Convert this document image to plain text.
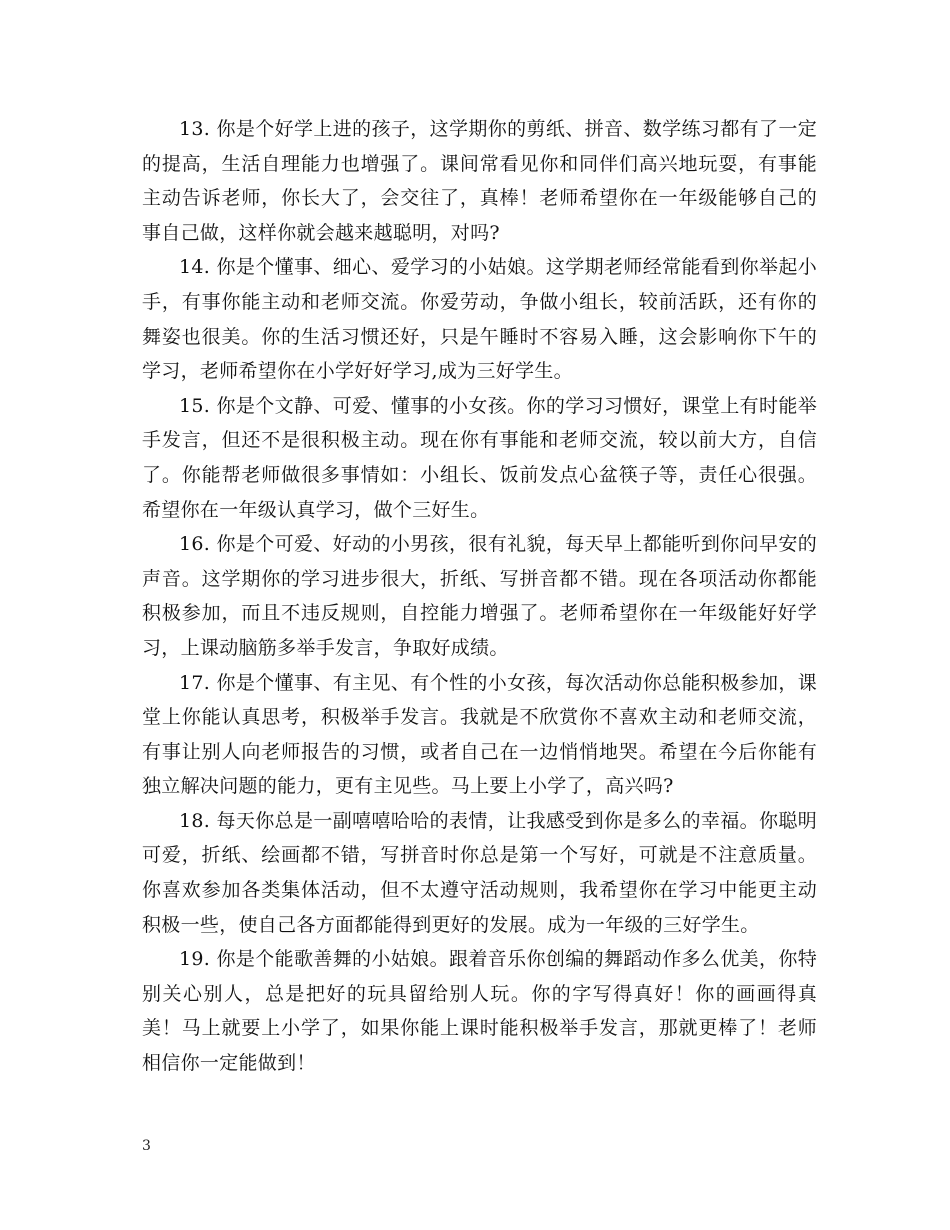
13. 你是个好学上进的孩子，这学期你的剪纸、拼音、数学练习都有了一定的提高，生活自理能力也增强了。课间常看见你和同伴们高兴地玩耍，有事能主动告诉老师，你长大了，会交往了，真棒！老师希望你在一年级能够自己的事自己做，这样你就会越来越聪明，对吗?

14. 你是个懂事、细心、爱学习的小姑娘。这学期老师经常能看到你举起小手，有事你能主动和老师交流。你爱劳动，争做小组长，较前活跃，还有你的舞姿也很美。你的生活习惯还好，只是午睡时不容易入睡，这会影响你下午的学习，老师希望你在小学好好学习,成为三好学生。

15. 你是个文静、可爱、懂事的小女孩。你的学习习惯好，课堂上有时能举手发言，但还不是很积极主动。现在你有事能和老师交流，较以前大方，自信了。你能帮老师做很多事情如：小组长、饭前发点心盆筷子等，责任心很强。希望你在一年级认真学习，做个三好生。

16. 你是个可爱、好动的小男孩，很有礼貌，每天早上都能听到你问早安的声音。这学期你的学习进步很大，折纸、写拼音都不错。现在各项活动你都能积极参加，而且不违反规则，自控能力增强了。老师希望你在一年级能好好学习，上课动脑筋多举手发言，争取好成绩。

17. 你是个懂事、有主见、有个性的小女孩，每次活动你总能积极参加，课堂上你能认真思考，积极举手发言。我就是不欣赏你不喜欢主动和老师交流，有事让别人向老师报告的习惯，或者自己在一边悄悄地哭。希望在今后你能有独立解决问题的能力，更有主见些。马上要上小学了，高兴吗?

18. 每天你总是一副嘻嘻哈哈的表情，让我感受到你是多么的幸福。你聪明可爱，折纸、绘画都不错，写拼音时你总是第一个写好，可就是不注意质量。你喜欢参加各类集体活动，但不太遵守活动规则，我希望你在学习中能更主动积极一些，使自己各方面都能得到更好的发展。成为一年级的三好学生。

19. 你是个能歌善舞的小姑娘。跟着音乐你创编的舞蹈动作多么优美，你特别关心别人，总是把好的玩具留给别人玩。你的字写得真好！你的画画得真美！马上就要上小学了，如果你能上课时能积极举手发言，那就更棒了！老师相信你一定能做到！

3
